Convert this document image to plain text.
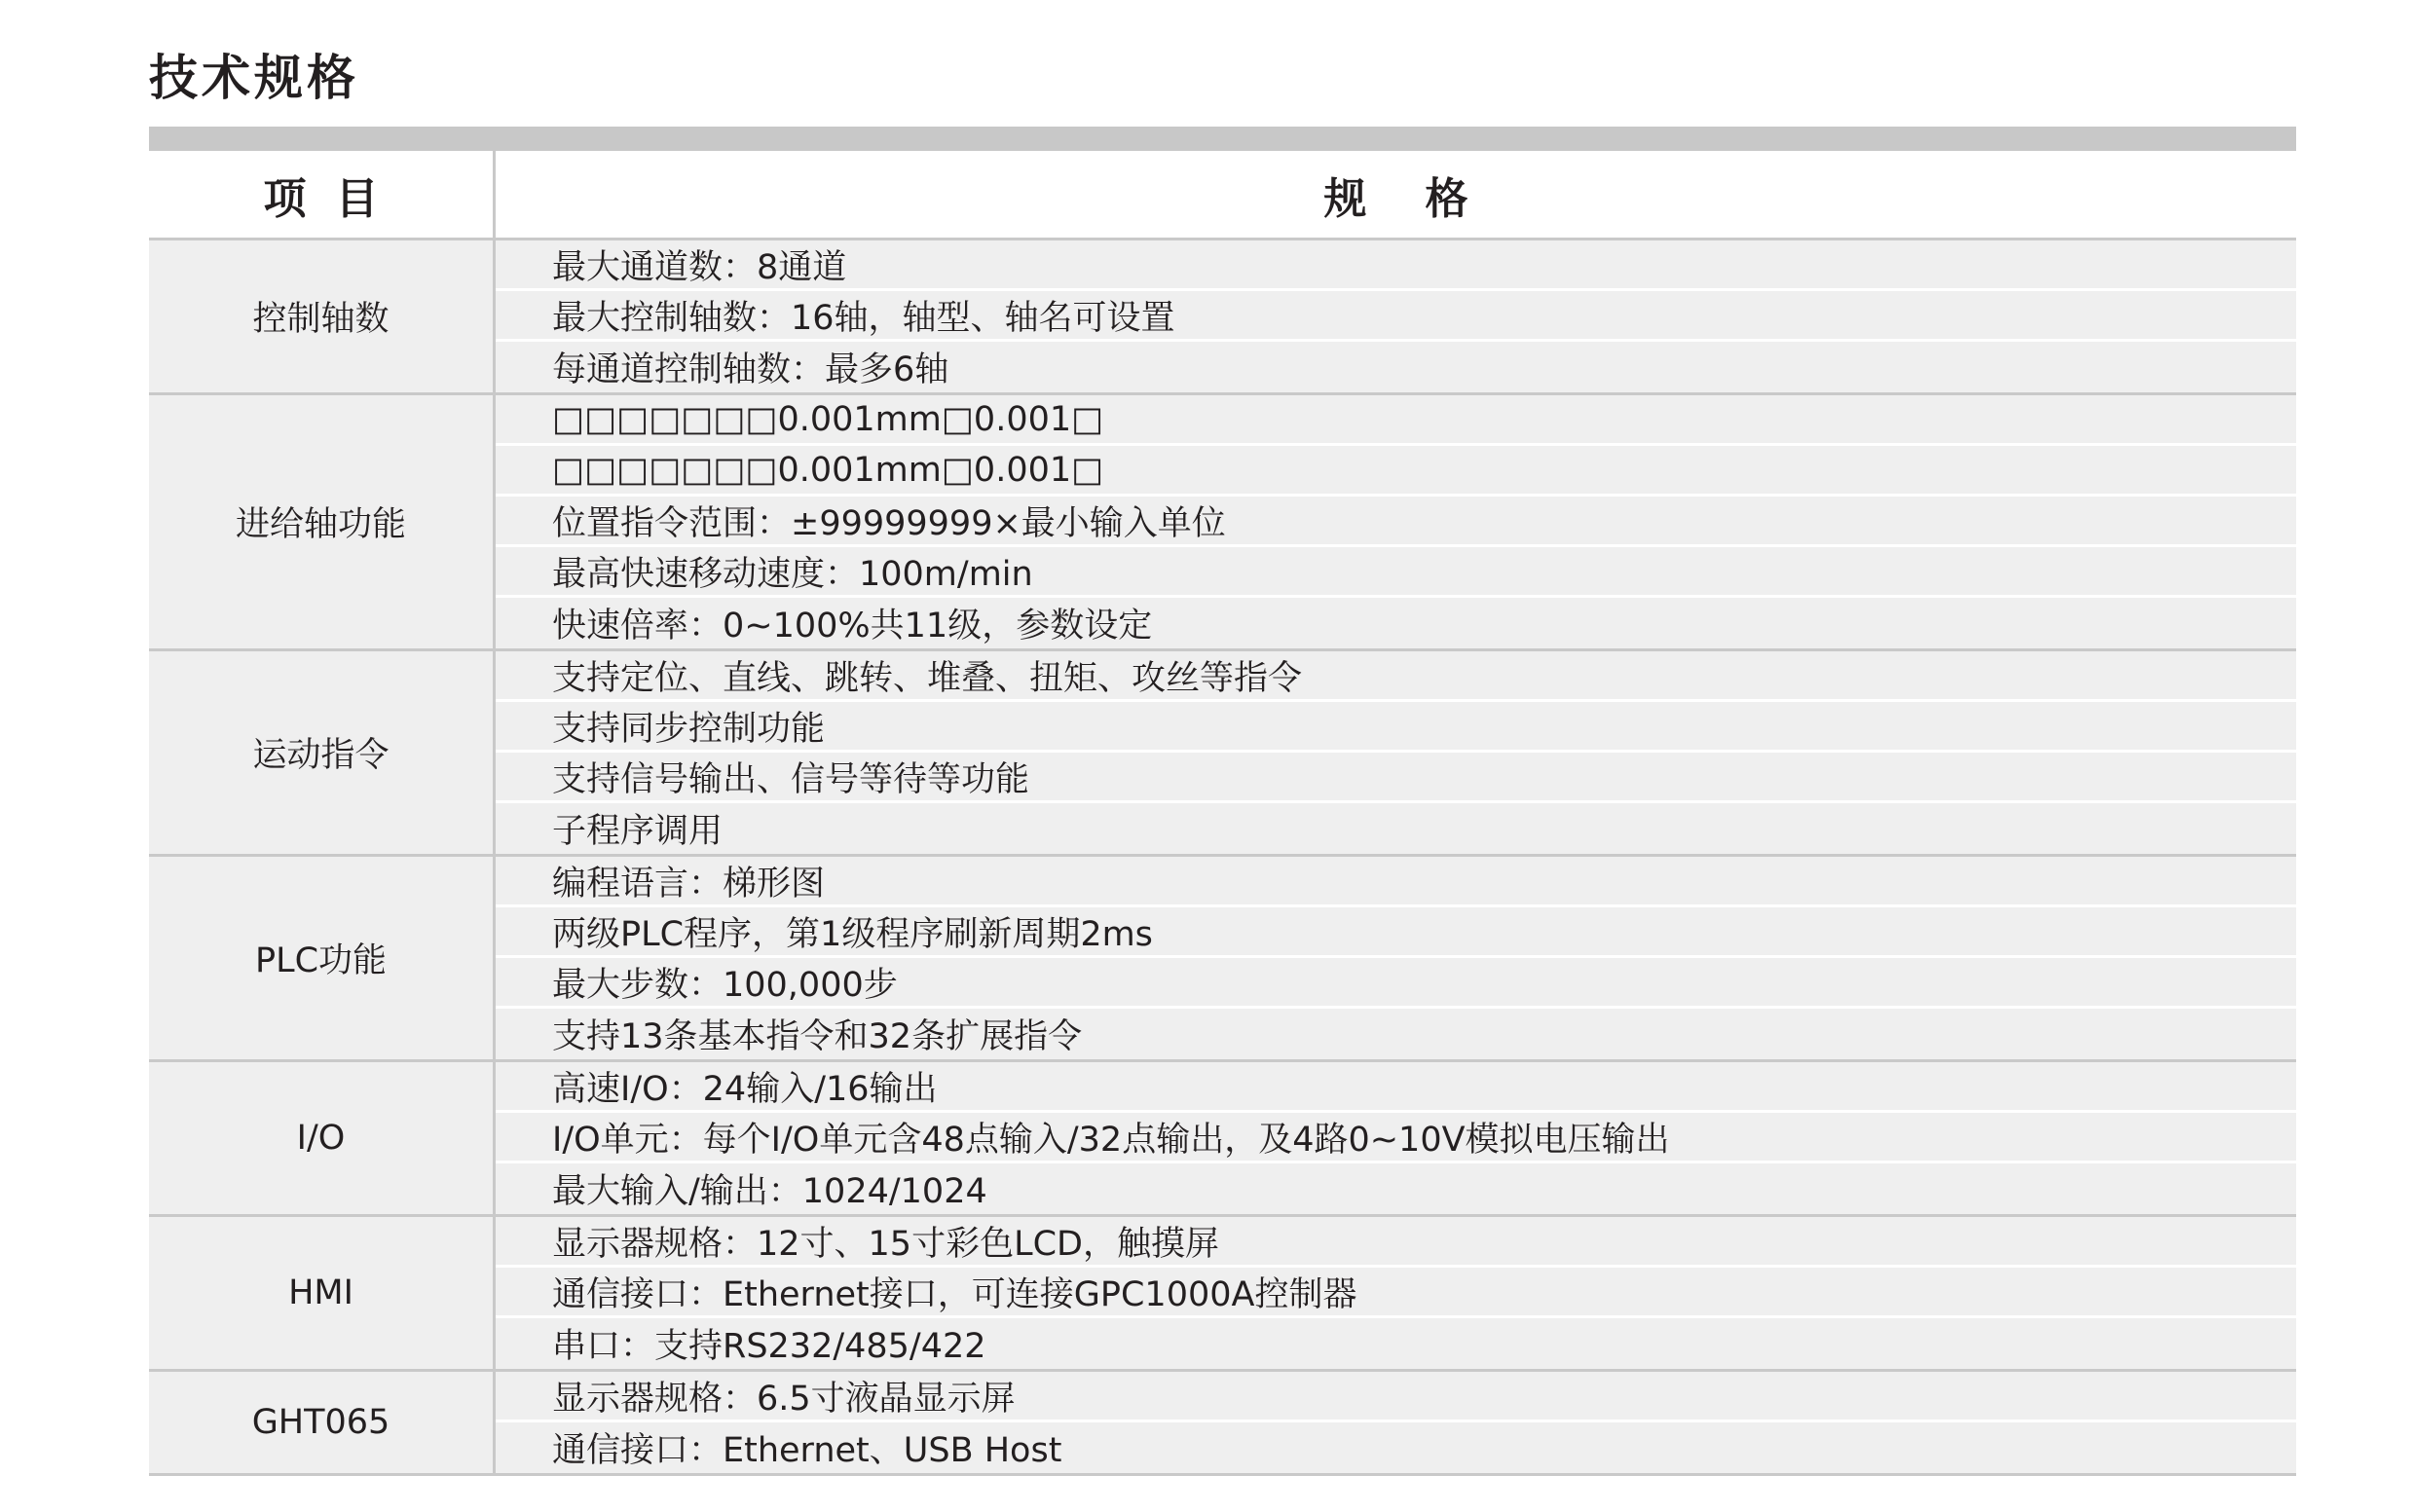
技术规格
项目	规格
控制轴数
最大通道数：8通道
最大控制轴数：16轴，轴型、轴名可设置
每通道控制轴数：最多6轴
进给轴功能
□□□□□□□0.001mm□0.001□
□□□□□□□0.001mm□0.001□
位置指令范围：±99999999×最小输入单位
最高快速移动速度：100m/min
快速倍率：0~100%共11级，参数设定
运动指令
支持定位、直线、跳转、堆叠、扭矩、攻丝等指令
支持同步控制功能
支持信号输出、信号等待等功能
子程序调用
PLC功能
编程语言：梯形图
两级PLC程序，第1级程序刷新周期2ms
最大步数：100,000步
支持13条基本指令和32条扩展指令
I/O
高速I/O：24输入/16输出
I/O单元：每个I/O单元含48点输入/32点输出，及4路0~10V模拟电压输出
最大输入/输出：1024/1024
HMI
显示器规格：12寸、15寸彩色LCD，触摸屏
通信接口：Ethernet接口，可连接GPC1000A控制器
串口：支持RS232/485/422
GHT065
显示器规格：6.5寸液晶显示屏
通信接口：Ethernet、USB Host
